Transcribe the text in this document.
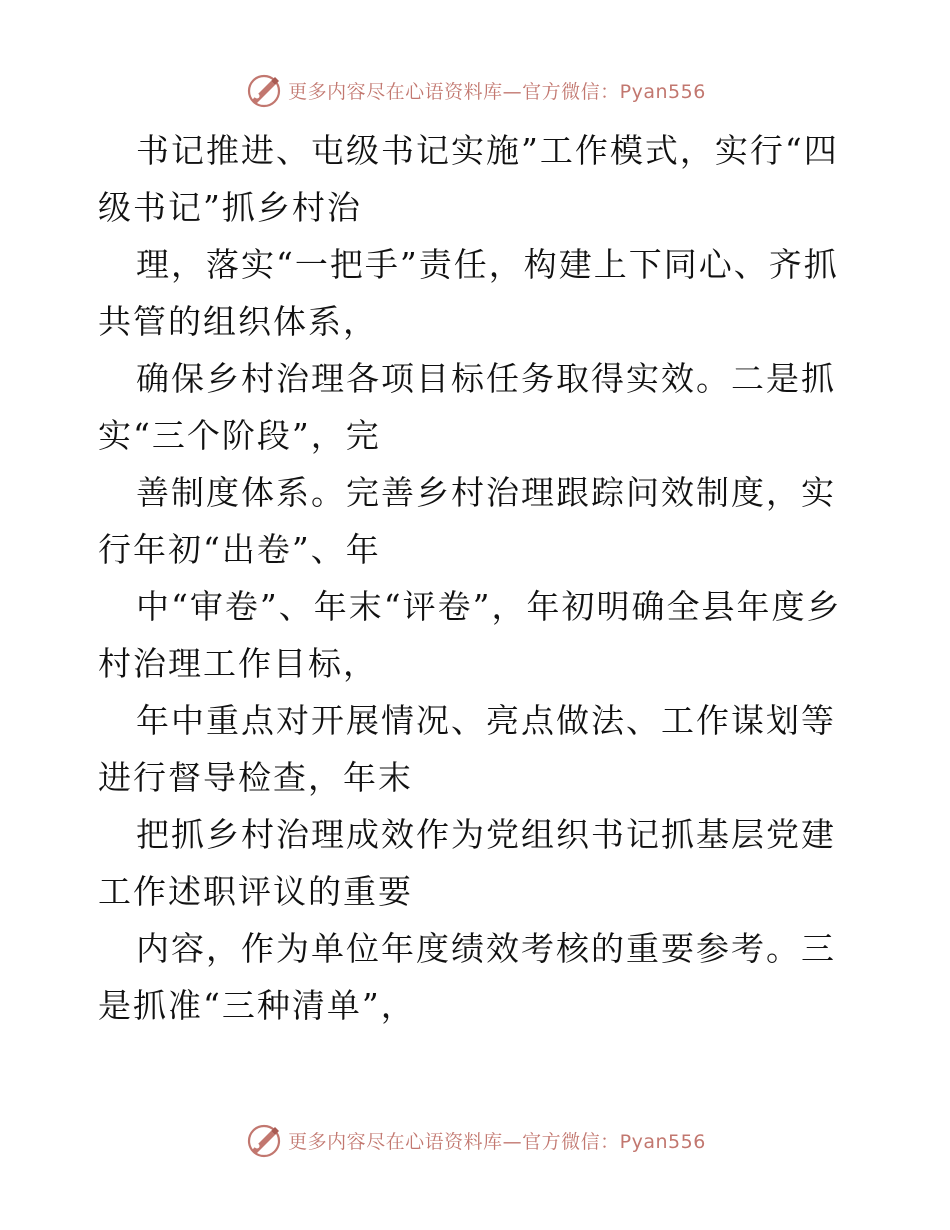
更多内容尽在心语资料库—官方微信：Pyan556

书记推进、屯级书记实施”工作模式，实行“四级书记”抓乡村治

理，落实“一把手”责任，构建上下同心、齐抓共管的组织体系，

确保乡村治理各项目标任务取得实效。二是抓实“三个阶段”，完

善制度体系。完善乡村治理跟踪问效制度，实行年初“出卷”、年

中“审卷”、年末“评卷”，年初明确全县年度乡村治理工作目标，

年中重点对开展情况、亮点做法、工作谋划等进行督导检查，年末

把抓乡村治理成效作为党组织书记抓基层党建工作述职评议的重要

内容，作为单位年度绩效考核的重要参考。三是抓准“三种清单”，

更多内容尽在心语资料库—官方微信：Pyan556
